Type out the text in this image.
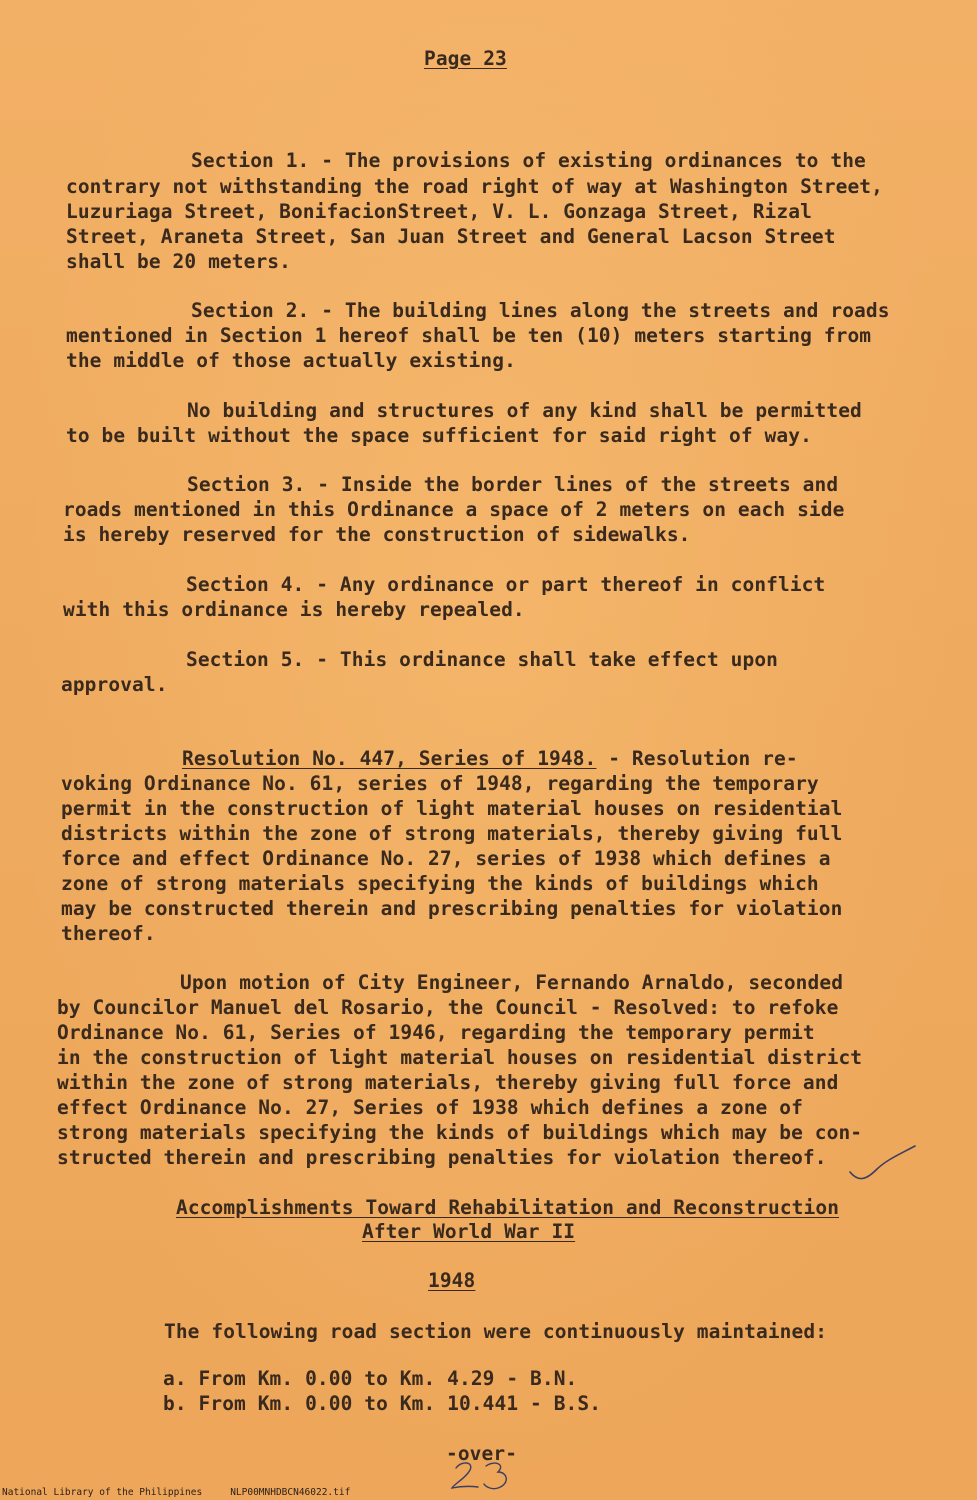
Page 23

Section 1. - The provisions of existing ordinances to the

contrary not withstanding the road right of way at Washington Street,

Luzuriaga Street, BonifacionStreet, V. L. Gonzaga Street, Rizal

Street, Araneta Street, San Juan Street and General Lacson Street

shall be 20 meters.

Section 2. - The building lines along the streets and roads

mentioned in Section 1 hereof shall be ten (10) meters starting from

the middle of those actually existing.

No building and structures of any kind shall be permitted

to be built without the space sufficient for said right of way.

Section 3. - Inside the border lines of the streets and

roads mentioned in this Ordinance a space of 2 meters on each side

is hereby reserved for the construction of sidewalks.

Section 4. - Any ordinance or part thereof in conflict

with this ordinance is hereby repealed.

Section 5. - This ordinance shall take effect upon

approval.

Resolution No. 447, Series of 1948. - Resolution re-

voking Ordinance No. 61, series of 1948, regarding the temporary

permit in the construction of light material houses on residential

districts within the zone of strong materials, thereby giving full

force and effect Ordinance No. 27, series of 1938 which defines a

zone of strong materials specifying the kinds of buildings which

may be constructed therein and prescribing penalties for violation

thereof.

Upon motion of City Engineer, Fernando Arnaldo, seconded

by Councilor Manuel del Rosario, the Council - Resolved: to refoke

Ordinance No. 61, Series of 1946, regarding the temporary permit

in the construction of light material houses on residential district

within the zone of strong materials, thereby giving full force and

effect Ordinance No. 27, Series of 1938 which defines a zone of

strong materials specifying the kinds of buildings which may be con-

structed therein and prescribing penalties for violation thereof.

Accomplishments Toward Rehabilitation and Reconstruction

After World War II

1948

The following road section were continuously maintained:

a. From Km. 0.00 to Km. 4.29 - B.N.

b. From Km. 0.00 to Km. 10.441 - B.S.

-over-

National Library of the Philippines	NLP00MNHDBCN46022.tif
